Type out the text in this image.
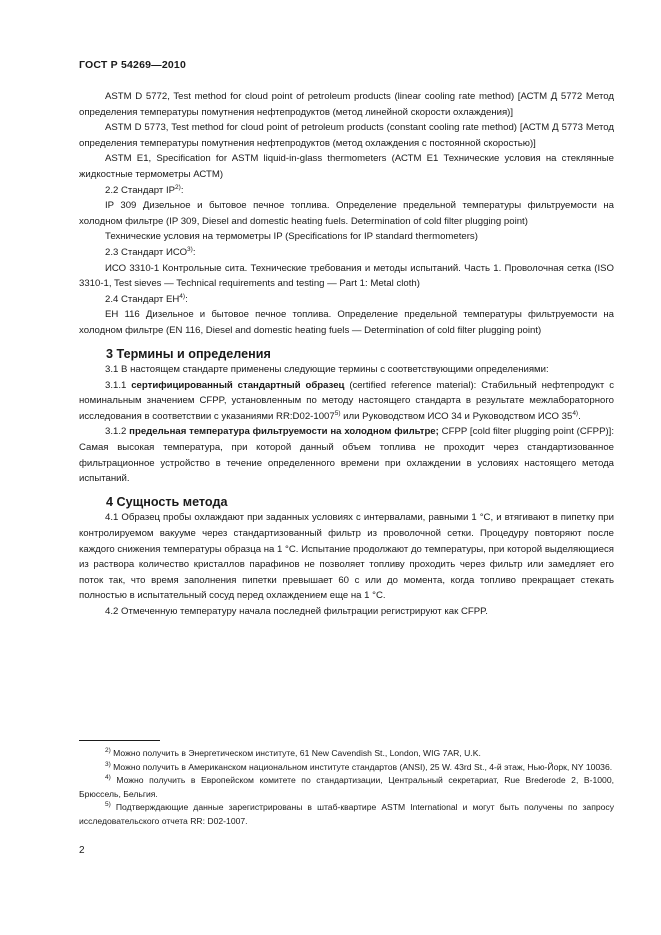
ГОСТ Р 54269—2010

ASTM D 5772, Test method for cloud point of petroleum products (linear cooling rate method) [АСТМ Д 5772 Метод определения температуры помутнения нефтепродуктов (метод линейной скорости охлаждения)]

ASTM D 5773, Test method for cloud point of petroleum products (constant cooling rate method) [АСТМ Д 5773 Метод определения температуры помутнения нефтепродуктов (метод охлаждения с постоянной скоростью)]

ASTM E1, Specification for ASTM liquid-in-glass thermometers (АСТМ Е1 Технические условия на стеклянные жидкостные термометры АСТМ)

2.2 Стандарт IP$^{2)}$:

IP 309 Дизельное и бытовое печное топлива. Определение предельной температуры фильтруемости на холодном фильтре (IP 309, Diesel and domestic heating fuels. Determination of cold filter plugging point)

Технические условия на термометры IP (Specifications for IP standard thermometers)

2.3 Стандарт ИСО$^{3)}$:

ИСО 3310-1 Контрольные сита. Технические требования и методы испытаний. Часть 1. Проволочная сетка (ISO 3310-1, Test sieves — Technical requirements and testing — Part 1: Metal cloth)

2.4 Стандарт ЕН$^{4)}$:

ЕН 116 Дизельное и бытовое печное топлива. Определение предельной температуры фильтруемости на холодном фильтре (EN 116, Diesel and domestic heating fuels — Determination of cold filter plugging point)

3 Термины и определения

3.1 В настоящем стандарте применены следующие термины с соответствующими определениями:

3.1.1 сертифицированный стандартный образец (certified reference material): Стабильный нефтепродукт с номинальным значением CFPP, установленным по методу настоящего стандарта в результате межлабораторного исследования в соответствии с указаниями RR:D02-1007$^{5)}$ или Руководством ИСО 34 и Руководством ИСО 35$^{4)}$.

3.1.2 предельная температура фильтруемости на холодном фильтре; CFPP [cold filter plugging point (CFPP)]: Самая высокая температура, при которой данный объем топлива не проходит через стандартизованное фильтрационное устройство в течение определенного времени при охлаждении в условиях настоящего метода испытаний.

4 Сущность метода

4.1 Образец пробы охлаждают при заданных условиях с интервалами, равными 1 °C, и втягивают в пипетку при контролируемом вакууме через стандартизованный фильтр из проволочной сетки. Процедуру повторяют после каждого снижения температуры образца на 1 °C. Испытание продолжают до температуры, при которой выделяющиеся из раствора количество кристаллов парафинов не позволяет топливу проходить через фильтр или замедляет его поток так, что время заполнения пипетки превышает 60 с или до момента, когда топливо прекращает стекать полностью в испытательный сосуд перед охлаждением еще на 1 °C.

4.2 Отмеченную температуру начала последней фильтрации регистрируют как CFPP.

$^{2)}$ Можно получить в Энергетическом институте, 61 New Cavendish St., London, WIG 7AR, U.K.

$^{3)}$ Можно получить в Американском национальном институте стандартов (ANSI), 25 W. 43rd St., 4-й этаж, Нью-Йорк, NY 10036.

$^{4)}$ Можно получить в Европейском комитете по стандартизации, Центральный секретариат, Rue Brederode 2, B-1000, Брюссель, Бельгия.

$^{5)}$ Подтверждающие данные зарегистрированы в штаб-квартире ASTM International и могут быть получены по запросу исследовательского отчета RR: D02-1007.

2
